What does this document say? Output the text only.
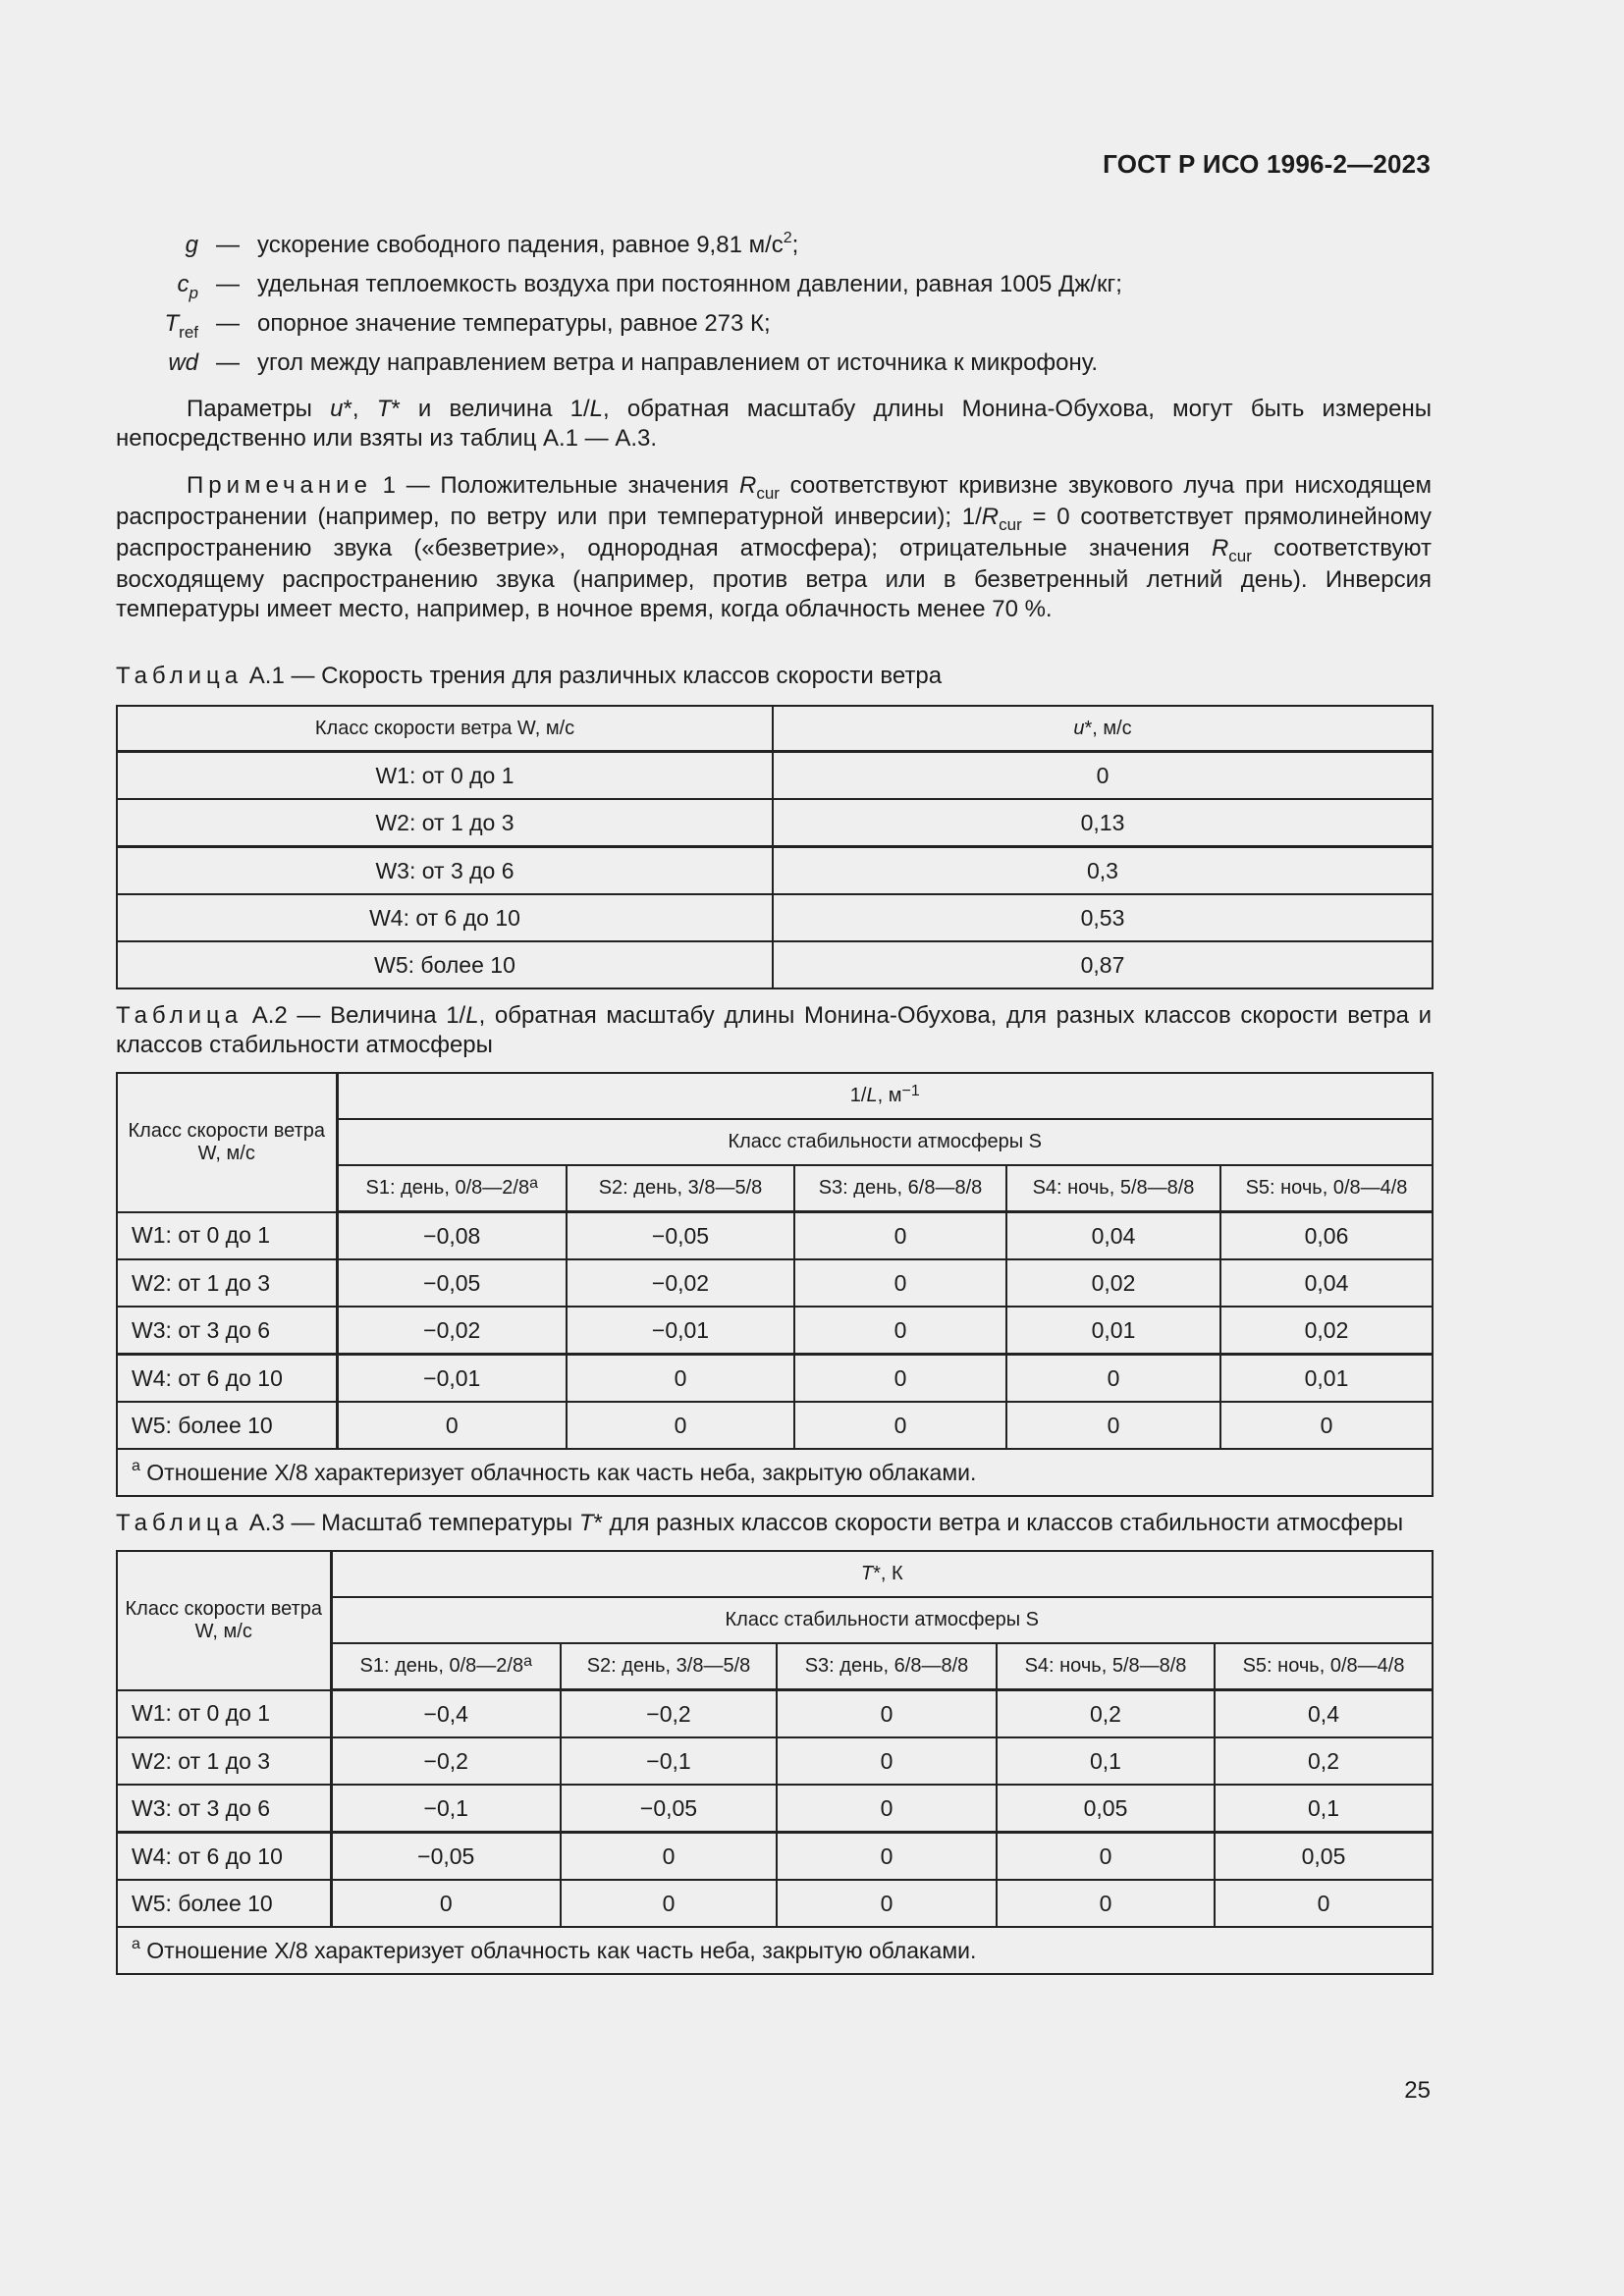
ГОСТ Р ИСО 1996-2—2023
g — ускорение свободного падения, равное 9,81 $м/с^2$;
$c_p$ — удельная теплоемкость воздуха при постоянном давлении, равная 1005 Дж/кг;
$T_{ref}$ — опорное значение температуры, равное 273 К;
wd — угол между направлением ветра и направлением от источника к микрофону.

Параметры u*, T* и величина 1/L, обратная масштабу длины Монина-Обухова, могут быть измерены непосредственно или взяты из таблиц А.1 — А.3.

Примечание 1 — Положительные значения $R_{cur}$ соответствуют кривизне звукового луча при нисходящем распространении (например, по ветру или при температурной инверсии); $1/R_{cur} = 0$ соответствует прямолинейному распространению звука («безветрие», однородная атмосфера); отрицательные значения $R_{cur}$ соответствуют восходящему распространению звука (например, против ветра или в безветренный летний день). Инверсия температуры имеет место, например, в ночное время, когда облачность менее 70 %.

Таблица А.1 — Скорость трения для различных классов скорости ветра

Класс скорости ветра W, м/с	u*, м/с
W1: от 0 до 1	0
W2: от 1 до 3	0,13
W3: от 3 до 6	0,3
W4: от 6 до 10	0,53
W5: более 10	0,87

Таблица А.2 — Величина 1/L, обратная масштабу длины Монина-Обухова, для разных классов скорости ветра и классов стабильности атмосферы

Класс скорости ветра W, м/с	1/L, $м^{-1}$
	Класс стабильности атмосферы S				
	S1: день, 0/8—2/8$^a$	S2: день, 3/8—5/8	S3: день, 6/8—8/8	S4: ночь, 5/8—8/8	S5: ночь, 0/8—4/8
W1: от 0 до 1	−0,08	−0,05	0	0,04	0,06
W2: от 1 до 3	−0,05	−0,02	0	0,02	0,04
W3: от 3 до 6	−0,02	−0,01	0	0,01	0,02
W4: от 6 до 10	−0,01	0	0	0	0,01
W5: более 10	0	0	0	0	0
$^a$ Отношение X/8 характеризует облачность как часть неба, закрытую облаками.					

Таблица А.3 — Масштаб температуры T* для разных классов скорости ветра и классов стабильности атмосферы

Класс скорости ветра W, м/с	T*, К				
	Класс стабильности атмосферы S				
	S1: день, 0/8—2/8$^a$	S2: день, 3/8—5/8	S3: день, 6/8—8/8	S4: ночь, 5/8—8/8	S5: ночь, 0/8—4/8
W1: от 0 до 1	−0,4	−0,2	0	0,2	0,4
W2: от 1 до 3	−0,2	−0,1	0	0,1	0,2
W3: от 3 до 6	−0,1	−0,05	0	0,05	0,1
W4: от 6 до 10	−0,05	0	0	0	0,05
W5: более 10	0	0	0	0	0
$^a$ Отношение X/8 характеризует облачность как часть неба, закрытую облаками.					
25
